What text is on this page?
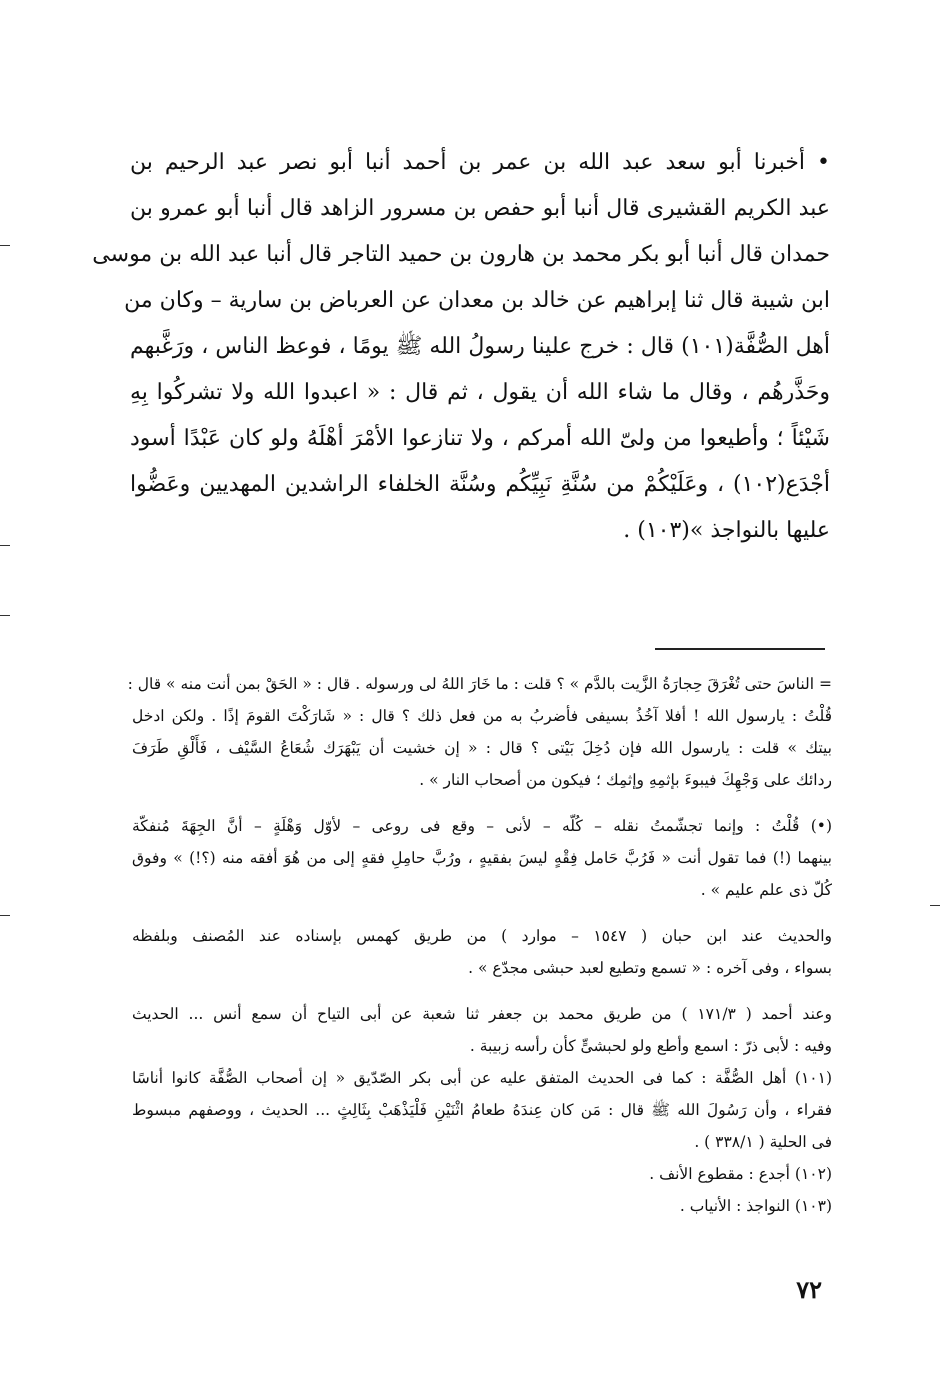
• أخبرنا أبو سعد عبد الله بن عمر بن أحمد أنبا أبو نصر عبد الرحيم بن
عبد الكريم القشيرى قال أنبا أبو حفص بن مسرور الزاهد قال أنبا أبو عمرو بن
حمدان قال أنبا أبو بكر محمد بن هارون بن حميد التاجر قال أنبا عبد الله بن موسى
ابن شيبة قال ثنا إبراهيم عن خالد بن معدان عن العرباض بن سارية – وكان من
أهل الصُّفَّة(١٠١) قال : خرج علينا رسولُ الله ﷺ يومًا ، فوعظ الناس ، ورَغَّبهم
وحَذَّرهُم ، وقال ما شاء الله أن يقول ، ثم قال : « اعبدوا الله ولا تشركُوا بِهِ
شَيْئاً ؛ وأطيعوا من ولىّ الله أمركم ، ولا تنازعوا الأمْرَ أهْلَهُ ولو كان عَبْدًا أسود
أجْدَع(١٠٢) ، وعَلَيْكُمْ من سُنَّةِ نَبِيِّكُم وسُنَّة الخلفاء الراشدين المهديين وعَضُّوا
عليها بالنواجذ »(١٠٣) .
= الناسَ حتى تُغْرَقَ حِجارَةُ الزَّيت بالدَّم » ؟ قلت : ما خَارَ اللهُ لى ورسوله . قال : « الحَقْ بمن أنت منه » قال :
قُلْتُ : يارسول الله ! أفلا آخُذُ بسيفى فأضربُ به من فعل ذلك ؟ قال : « شَارَكْتَ القومَ إذًا . ولكن ادخل
بيتك » قلت : يارسول الله فإن دُخِلَ بَيْتى ؟ قال : « إن خشيت أن يَبْهَرَك شُعَاعُ السَّيْف ، فَأَلْقِ طَرَفَ
ردائك على وَجْهِكَ فيبوءَ بإثمِهِ وإثمِك ؛ فيكون من أصحاب النار » .
(•) قُلْتُ : وإنما تجشّمتُ نقله – كُلّه – لأنى – وقع فى روعى – لأوّل وَهْلَةٍ – أنَّ الجِهَةَ مُنفكّة
بينهما (!) فما تقول أنت « فَرُبَّ حَامل فِقْهٍ ليسَ بفقيهٍ ، ورُبَّ حامِلِ فقهٍ إلى من هُوَ أفقه منه (؟!) » وفوق
كُلّ ذى علم عليم » .
والحديث عند ابن حبان ( ١٥٤٧ – موارد ) من طريق كهمس بإسناده عند المُصنف وبلفظه
بسواء ، وفى آخره : « تسمع وتطيع لعبد حبشى مجدّع » .
وعند أحمد ( ١٧١/٣ ) من طريق محمد بن جعفر ثنا شعبة عن أبى التياح أن سمع أنس ... الحديث
وفيه : لأبى ذرّ : اسمع وأطع ولو لحبشىٍّ كأن رأسه زبيبة .
(١٠١) أهل الصُّفَّة : كما فى الحديث المتفق عليه عن أبى بكر الصّدّيق « إن أصحاب الصُّفَّة كانوا أناسًا
فقراء ، وأن رَسُولَ الله ﷺ قال : مَن كان عِندَهُ طعامُ اثْنَيْنِ فَلْيَذْهَبْ بِثَالِثٍ ... الحديث ، ووصفهم مبسوط
فى الحلية ( ٣٣٨/١ ) .
(١٠٢) أجدع : مقطوع الأنف .
(١٠٣) النواجذ : الأنياب .
٧٢
